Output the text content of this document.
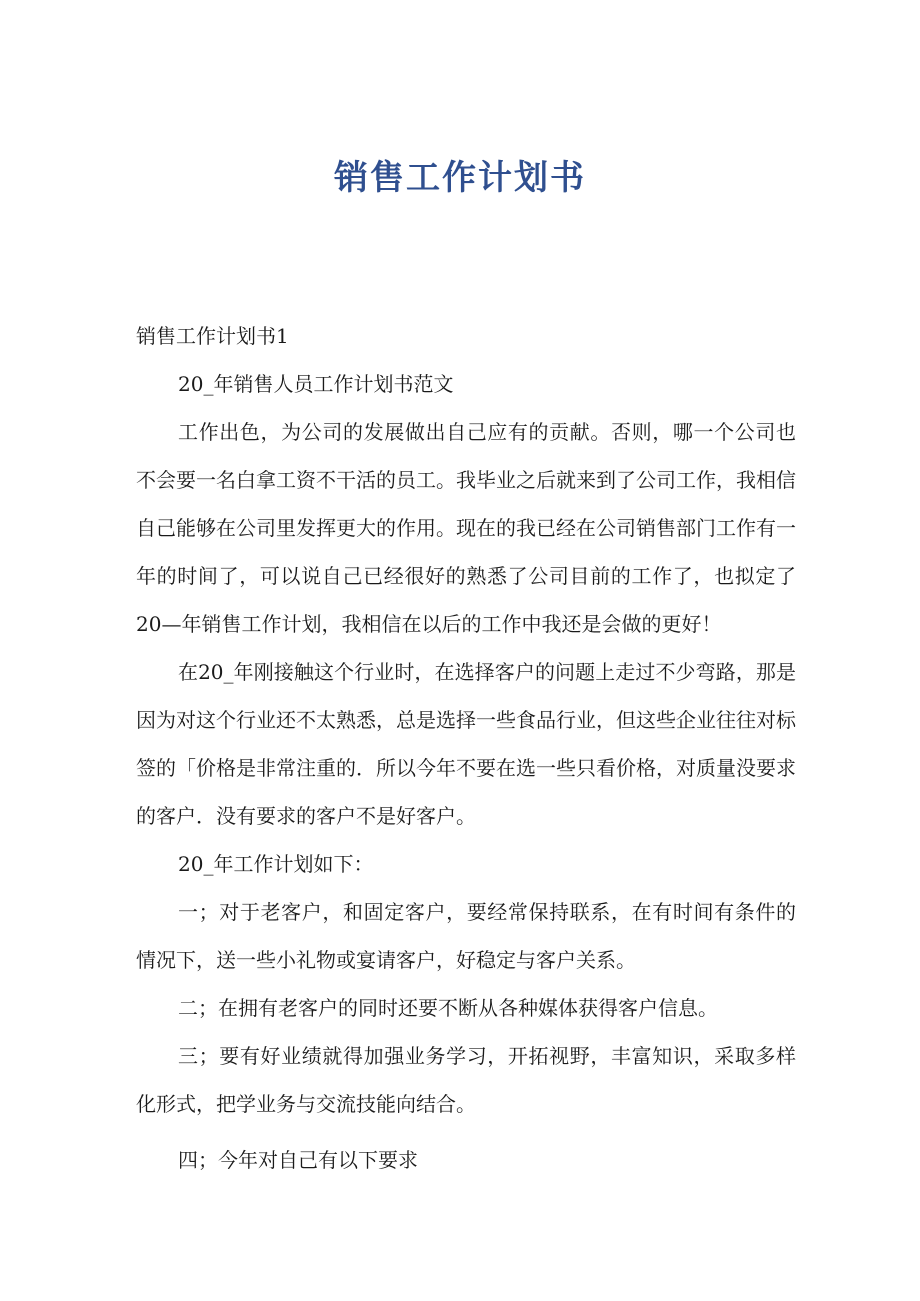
销售工作计划书

销售工作计划书1

20_年销售人员工作计划书范文

工作出色，为公司的发展做出自己应有的贡献。否则，哪一个公司也不会要一名白拿工资不干活的员工。我毕业之后就来到了公司工作，我相信自己能够在公司里发挥更大的作用。现在的我已经在公司销售部门工作有一年的时间了，可以说自己已经很好的熟悉了公司目前的工作了，也拟定了20—年销售工作计划，我相信在以后的工作中我还是会做的更好！

在20_年刚接触这个行业时，在选择客户的问题上走过不少弯路，那是因为对这个行业还不太熟悉，总是选择一些食品行业，但这些企业往往对标签的「价格是非常注重的．所以今年不要在选一些只看价格，对质量没要求的客户．没有要求的客户不是好客户。

20_年工作计划如下：

一；对于老客户，和固定客户，要经常保持联系，在有时间有条件的情况下，送一些小礼物或宴请客户，好稳定与客户关系。

二；在拥有老客户的同时还要不断从各种媒体获得客户信息。

三；要有好业绩就得加强业务学习，开拓视野，丰富知识，采取多样化形式，把学业务与交流技能向结合。

四；今年对自己有以下要求
